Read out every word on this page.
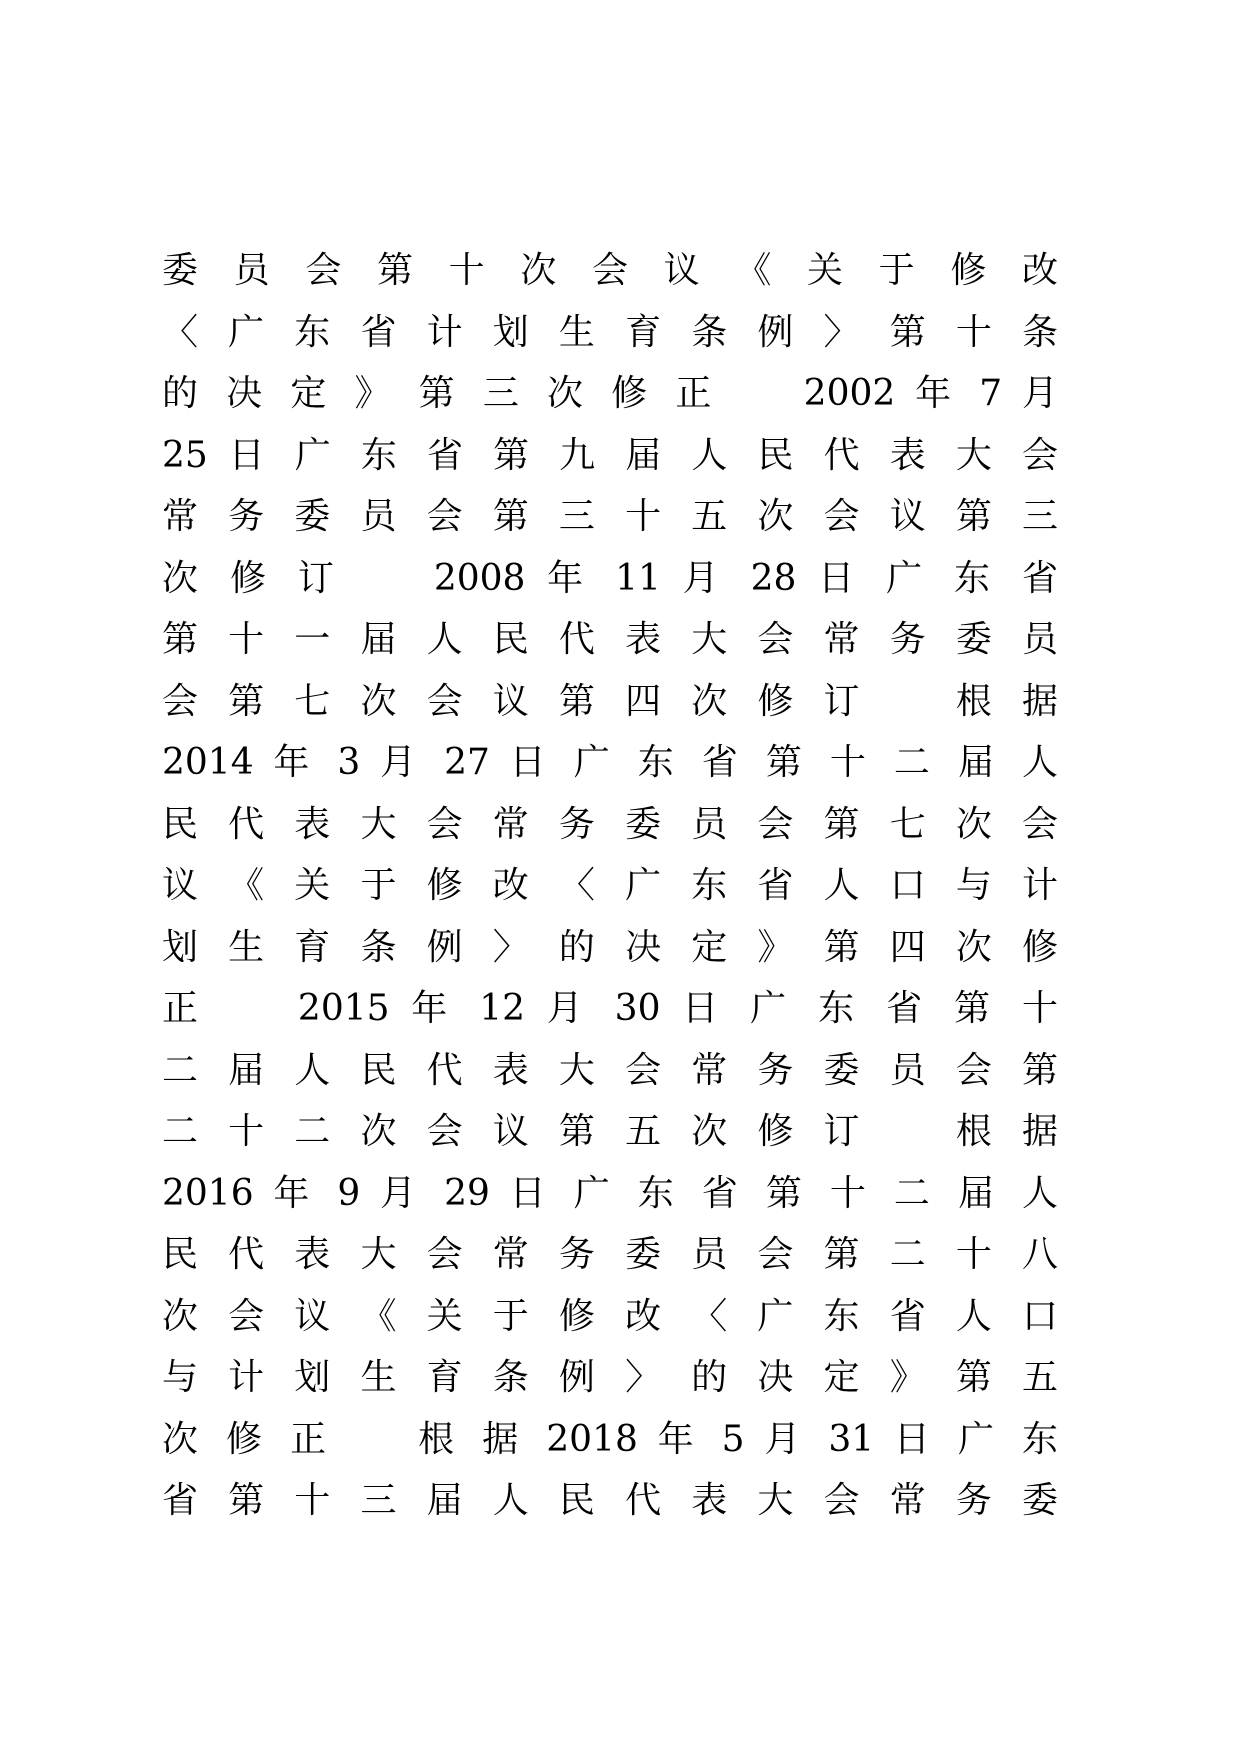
委 员 会 第 十 次 会 议 《 关 于 修 改
〈 广 东 省 计 划 生 育 条 例 〉 第 十 条
的 决 定 》 第 三 次 修 正 　 2002 年 7 月
25 日 广 东 省 第 九 届 人 民 代 表 大 会
常 务 委 员 会 第 三 十 五 次 会 议 第 三
次 修 订 　 2008 年 11 月 28 日 广 东 省
第 十 一 届 人 民 代 表 大 会 常 务 委 员
会 第 七 次 会 议 第 四 次 修 订 　 根 据
2014 年 3 月 27 日 广 东 省 第 十 二 届 人
民 代 表 大 会 常 务 委 员 会 第 七 次 会
议 《 关 于 修 改 〈 广 东 省 人 口 与 计
划 生 育 条 例 〉 的 决 定 》 第 四 次 修
正 　 2015 年 12 月 30 日 广 东 省 第 十
二 届 人 民 代 表 大 会 常 务 委 员 会 第
二 十 二 次 会 议 第 五 次 修 订 　 根 据
2016 年 9 月 29 日 广 东 省 第 十 二 届 人
民 代 表 大 会 常 务 委 员 会 第 二 十 八
次 会 议 《 关 于 修 改 〈 广 东 省 人 口
与 计 划 生 育 条 例 〉 的 决 定 》 第 五
次 修 正 　 根 据 2018 年 5 月 31 日 广 东
省 第 十 三 届 人 民 代 表 大 会 常 务 委
